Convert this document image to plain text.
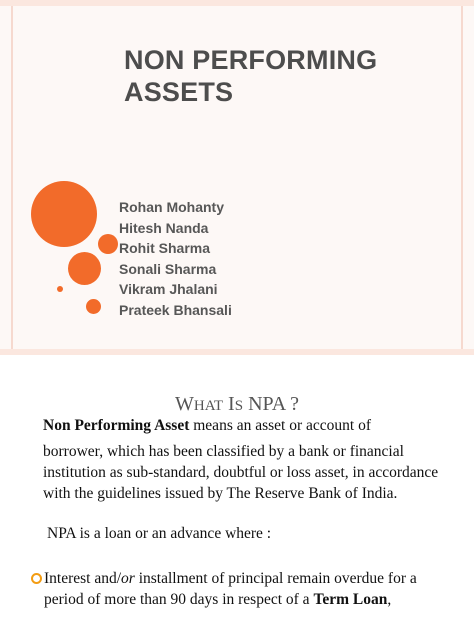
NON PERFORMING
ASSETS
Rohan Mohanty
Hitesh Nanda
Rohit Sharma
Sonali Sharma
Vikram Jhalani
Prateek Bhansali
WHAT IS NPA ?
Non Performing Asset means an asset or account of
borrower, which has been classified by a bank or financial
institution as sub-standard, doubtful or loss asset, in accordance
with the guidelines issued by The Reserve Bank of India.
NPA is a loan or an advance where :
Interest and/or installment of principal remain overdue for a
period of more than 90 days in respect of a Term Loan,
